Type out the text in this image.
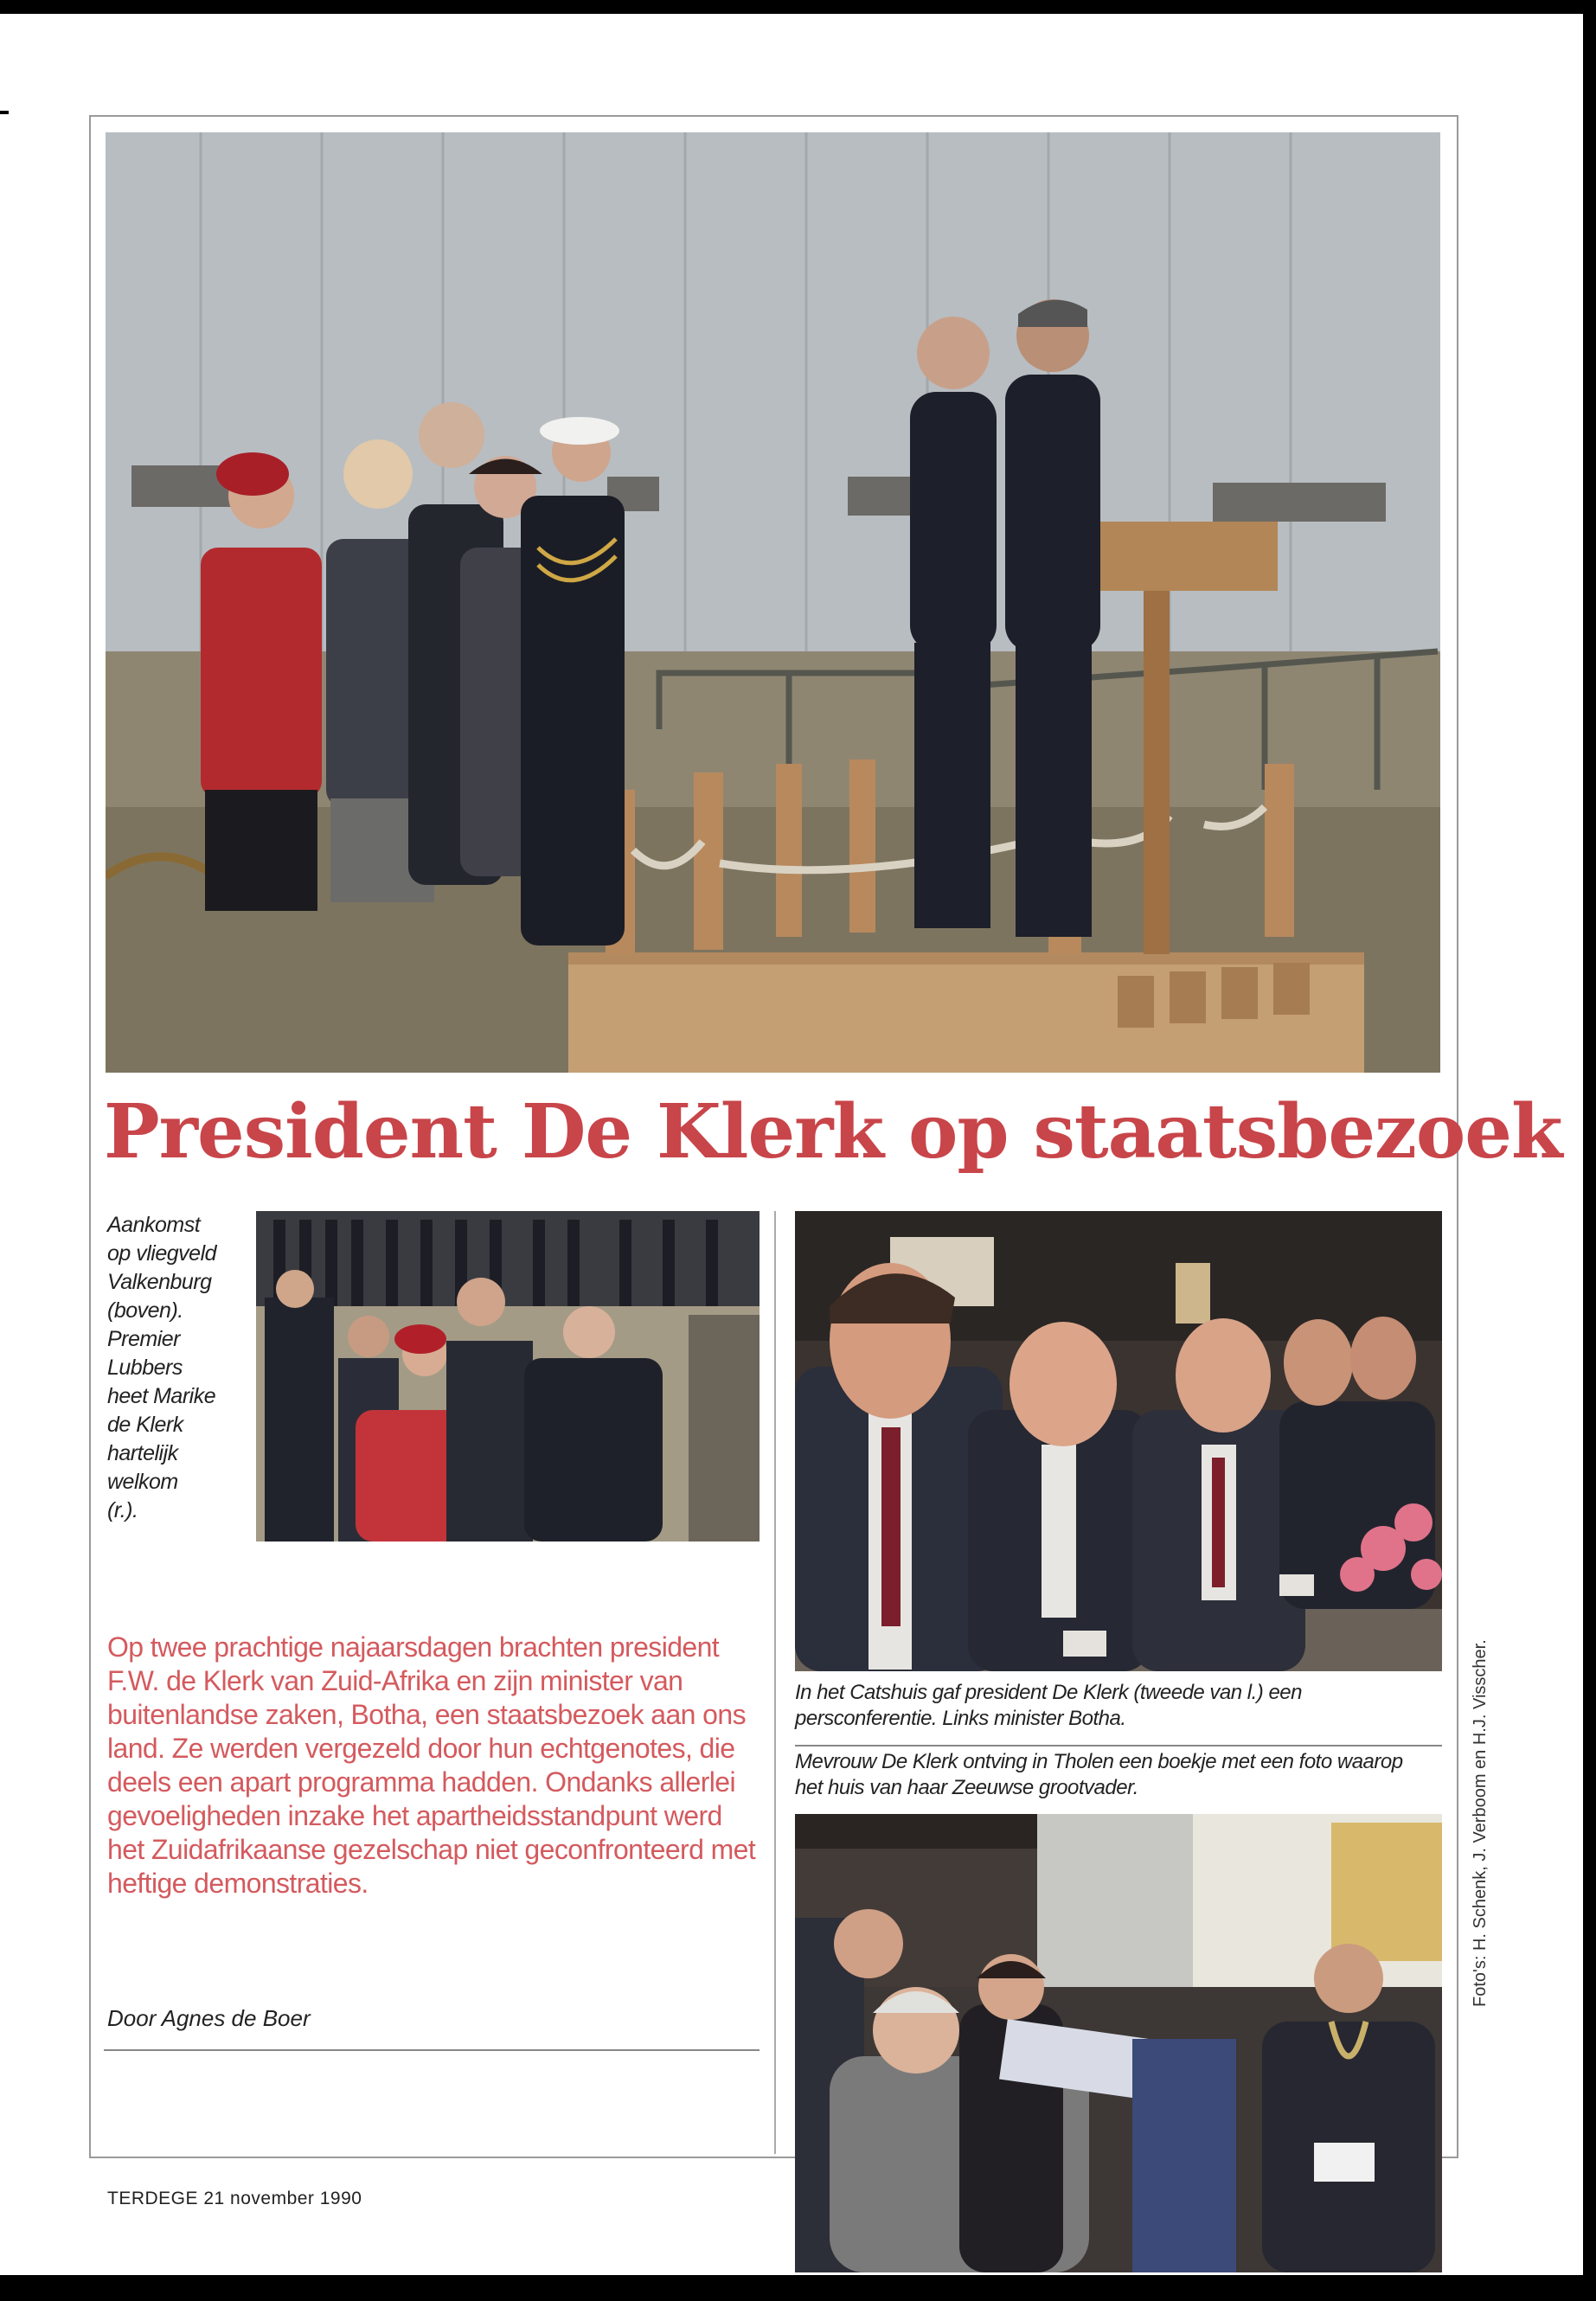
President De Klerk op staatsbezoek
Aankomst
op vliegveld
Valkenburg
(boven).
Premier
Lubbers
heet Marike
de Klerk
hartelijk
welkom
(r.).
In het Catshuis gaf president De Klerk (tweede van l.) een persconferentie. Links minister Botha.
Mevrouw De Klerk ontving in Tholen een boekje met een foto waarop het huis van haar Zeeuwse grootvader.
Op twee prachtige najaarsdagen brachten president F.W. de Klerk van Zuid-Afrika en zijn minister van buitenlandse zaken, Botha, een staatsbezoek aan ons land. Ze werden vergezeld door hun echtgenotes, die deels een apart programma hadden. Ondanks allerlei gevoeligheden inzake het apartheidsstandpunt werd het Zuidafrikaanse gezelschap niet geconfronteerd met heftige demonstraties.
Door Agnes de Boer
TERDEGE 21 november 1990
Foto's: H. Schenk, J. Verboom en H.J. Visscher.
